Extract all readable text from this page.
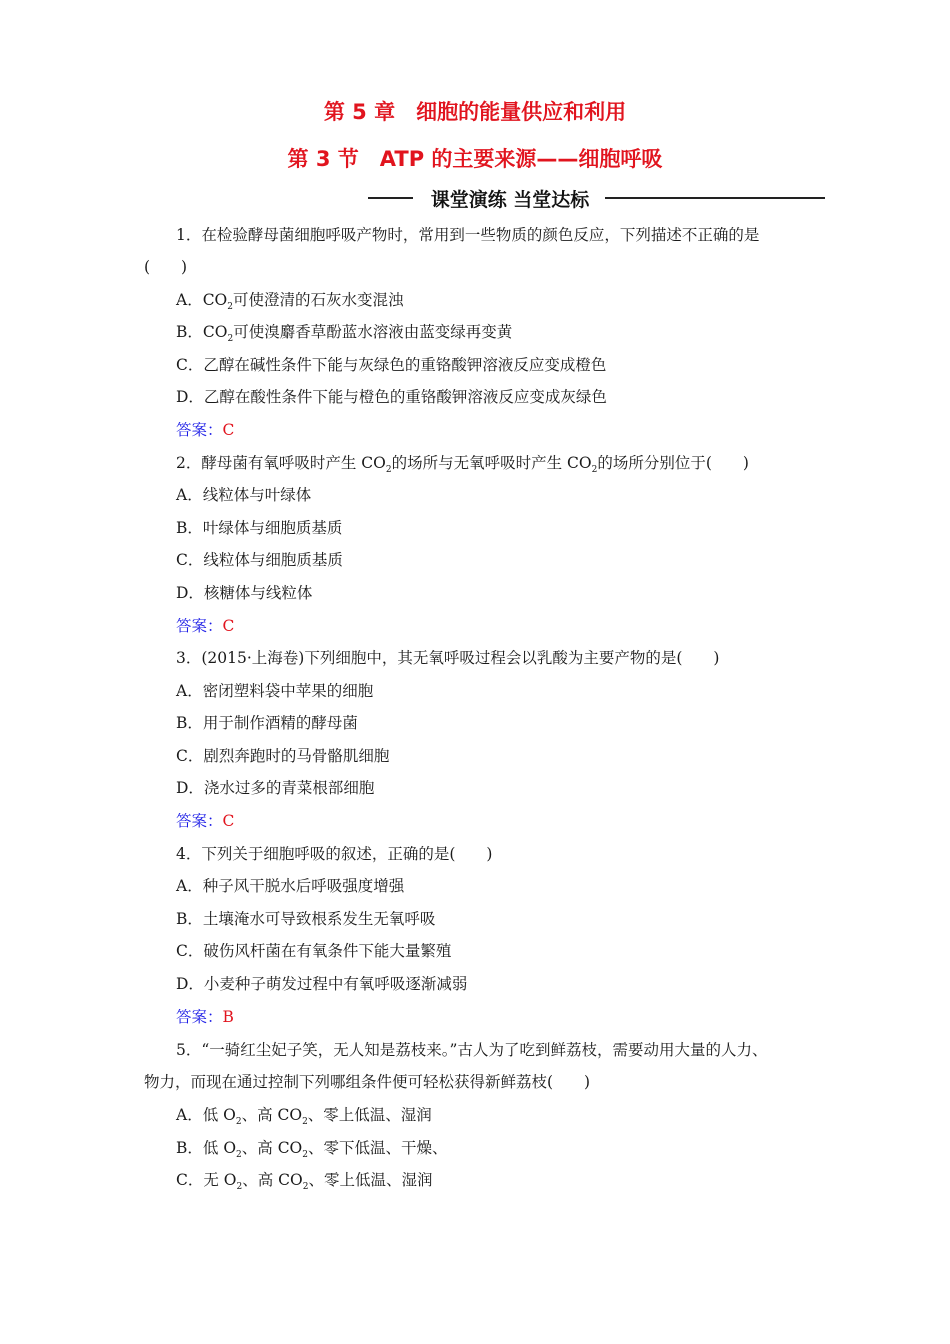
第 5 章　细胞的能量供应和利用
第 3 节　ATP 的主要来源——细胞呼吸
课堂演练 当堂达标
1．在检验酵母菌细胞呼吸产物时，常用到一些物质的颜色反应，下列描述不正确的是
(　　)
A．$CO_2$可使澄清的石灰水变混浊
B．$CO_2$可使溴麝香草酚蓝水溶液由蓝变绿再变黄
C．乙醇在碱性条件下能与灰绿色的重铬酸钾溶液反应变成橙色
D．乙醇在酸性条件下能与橙色的重铬酸钾溶液反应变成灰绿色
答案：C
2．酵母菌有氧呼吸时产生 $CO_2$的场所与无氧呼吸时产生 $CO_2$的场所分别位于(　　)
A．线粒体与叶绿体
B．叶绿体与细胞质基质
C．线粒体与细胞质基质
D．核糖体与线粒体
答案：C
3．(2015·上海卷)下列细胞中，其无氧呼吸过程会以乳酸为主要产物的是(　　)
A．密闭塑料袋中苹果的细胞
B．用于制作酒精的酵母菌
C．剧烈奔跑时的马骨骼肌细胞
D．浇水过多的青菜根部细胞
答案：C
4．下列关于细胞呼吸的叙述，正确的是(　　)
A．种子风干脱水后呼吸强度增强
B．土壤淹水可导致根系发生无氧呼吸
C．破伤风杆菌在有氧条件下能大量繁殖
D．小麦种子萌发过程中有氧呼吸逐渐减弱
答案：B
5．“一骑红尘妃子笑，无人知是荔枝来。”古人为了吃到鲜荔枝，需要动用大量的人力、
物力，而现在通过控制下列哪组条件便可轻松获得新鲜荔枝(　　)
A．低 $O_2$、高 $CO_2$、零上低温、湿润
B．低 $O_2$、高 $CO_2$、零下低温、干燥、
C．无 $O_2$、高 $CO_2$、零上低温、湿润
